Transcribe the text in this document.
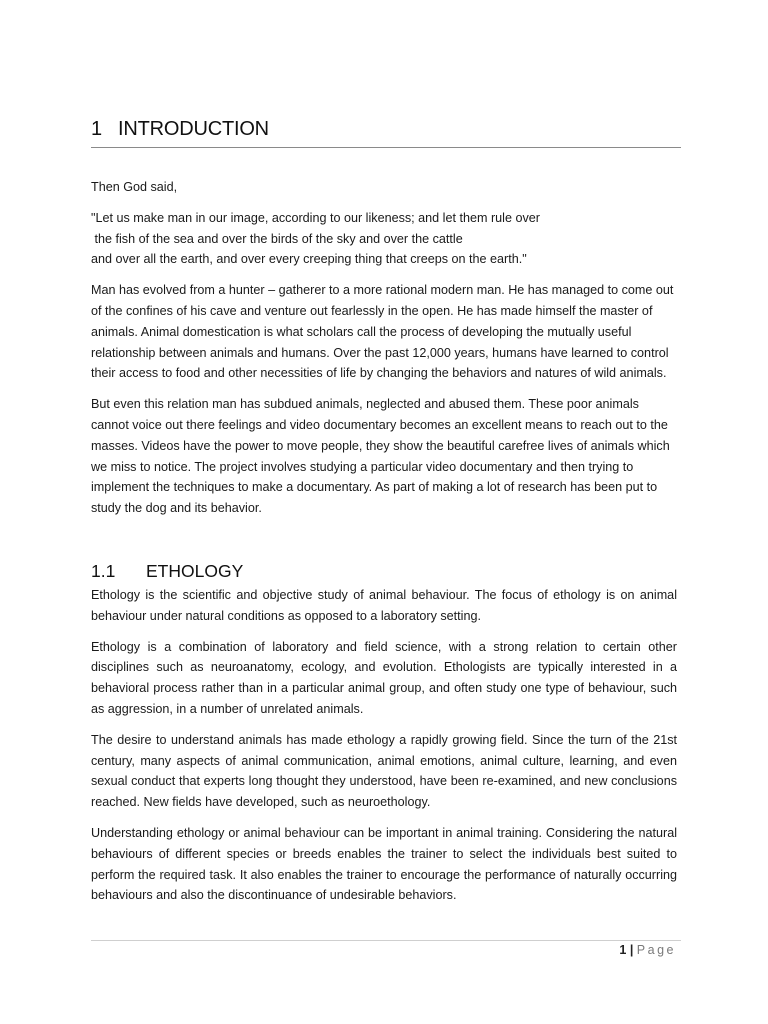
1 INTRODUCTION

Then God said,

"Let us make man in our image, according to our likeness; and let them rule over
the fish of the sea and over the birds of the sky and over the cattle
and over all the earth, and over every creeping thing that creeps on the earth."

Man has evolved from a hunter – gatherer to a more rational modern man. He has managed to come out of the confines of his cave and venture out fearlessly in the open. He has made himself the master of animals. Animal domestication is what scholars call the process of developing the mutually useful relationship between animals and humans. Over the past 12,000 years, humans have learned to control their access to food and other necessities of life by changing the behaviors and natures of wild animals.

But even this relation man has subdued animals, neglected and abused them. These poor animals cannot voice out there feelings and video documentary becomes an excellent means to reach out to the masses. Videos have the power to move people, they show the beautiful carefree lives of animals which we miss to notice. The project involves studying a particular video documentary and then trying to implement the techniques to make a documentary. As part of making a lot of research has been put to study the dog and its behavior.

1.1 ETHOLOGY

Ethology is the scientific and objective study of animal behaviour. The focus of ethology is on animal behaviour under natural conditions as opposed to a laboratory setting.

Ethology is a combination of laboratory and field science, with a strong relation to certain other disciplines such as neuroanatomy, ecology, and evolution. Ethologists are typically interested in a behavioral process rather than in a particular animal group, and often study one type of behaviour, such as aggression, in a number of unrelated animals.

The desire to understand animals has made ethology a rapidly growing field. Since the turn of the 21st century, many aspects of animal communication, animal emotions, animal culture, learning, and even sexual conduct that experts long thought they understood, have been re-examined, and new conclusions reached. New fields have developed, such as neuroethology.

Understanding ethology or animal behaviour can be important in animal training. Considering the natural behaviours of different species or breeds enables the trainer to select the individuals best suited to perform the required task. It also enables the trainer to encourage the performance of naturally occurring behaviours and also the discontinuance of undesirable behaviors.

1 | Page
